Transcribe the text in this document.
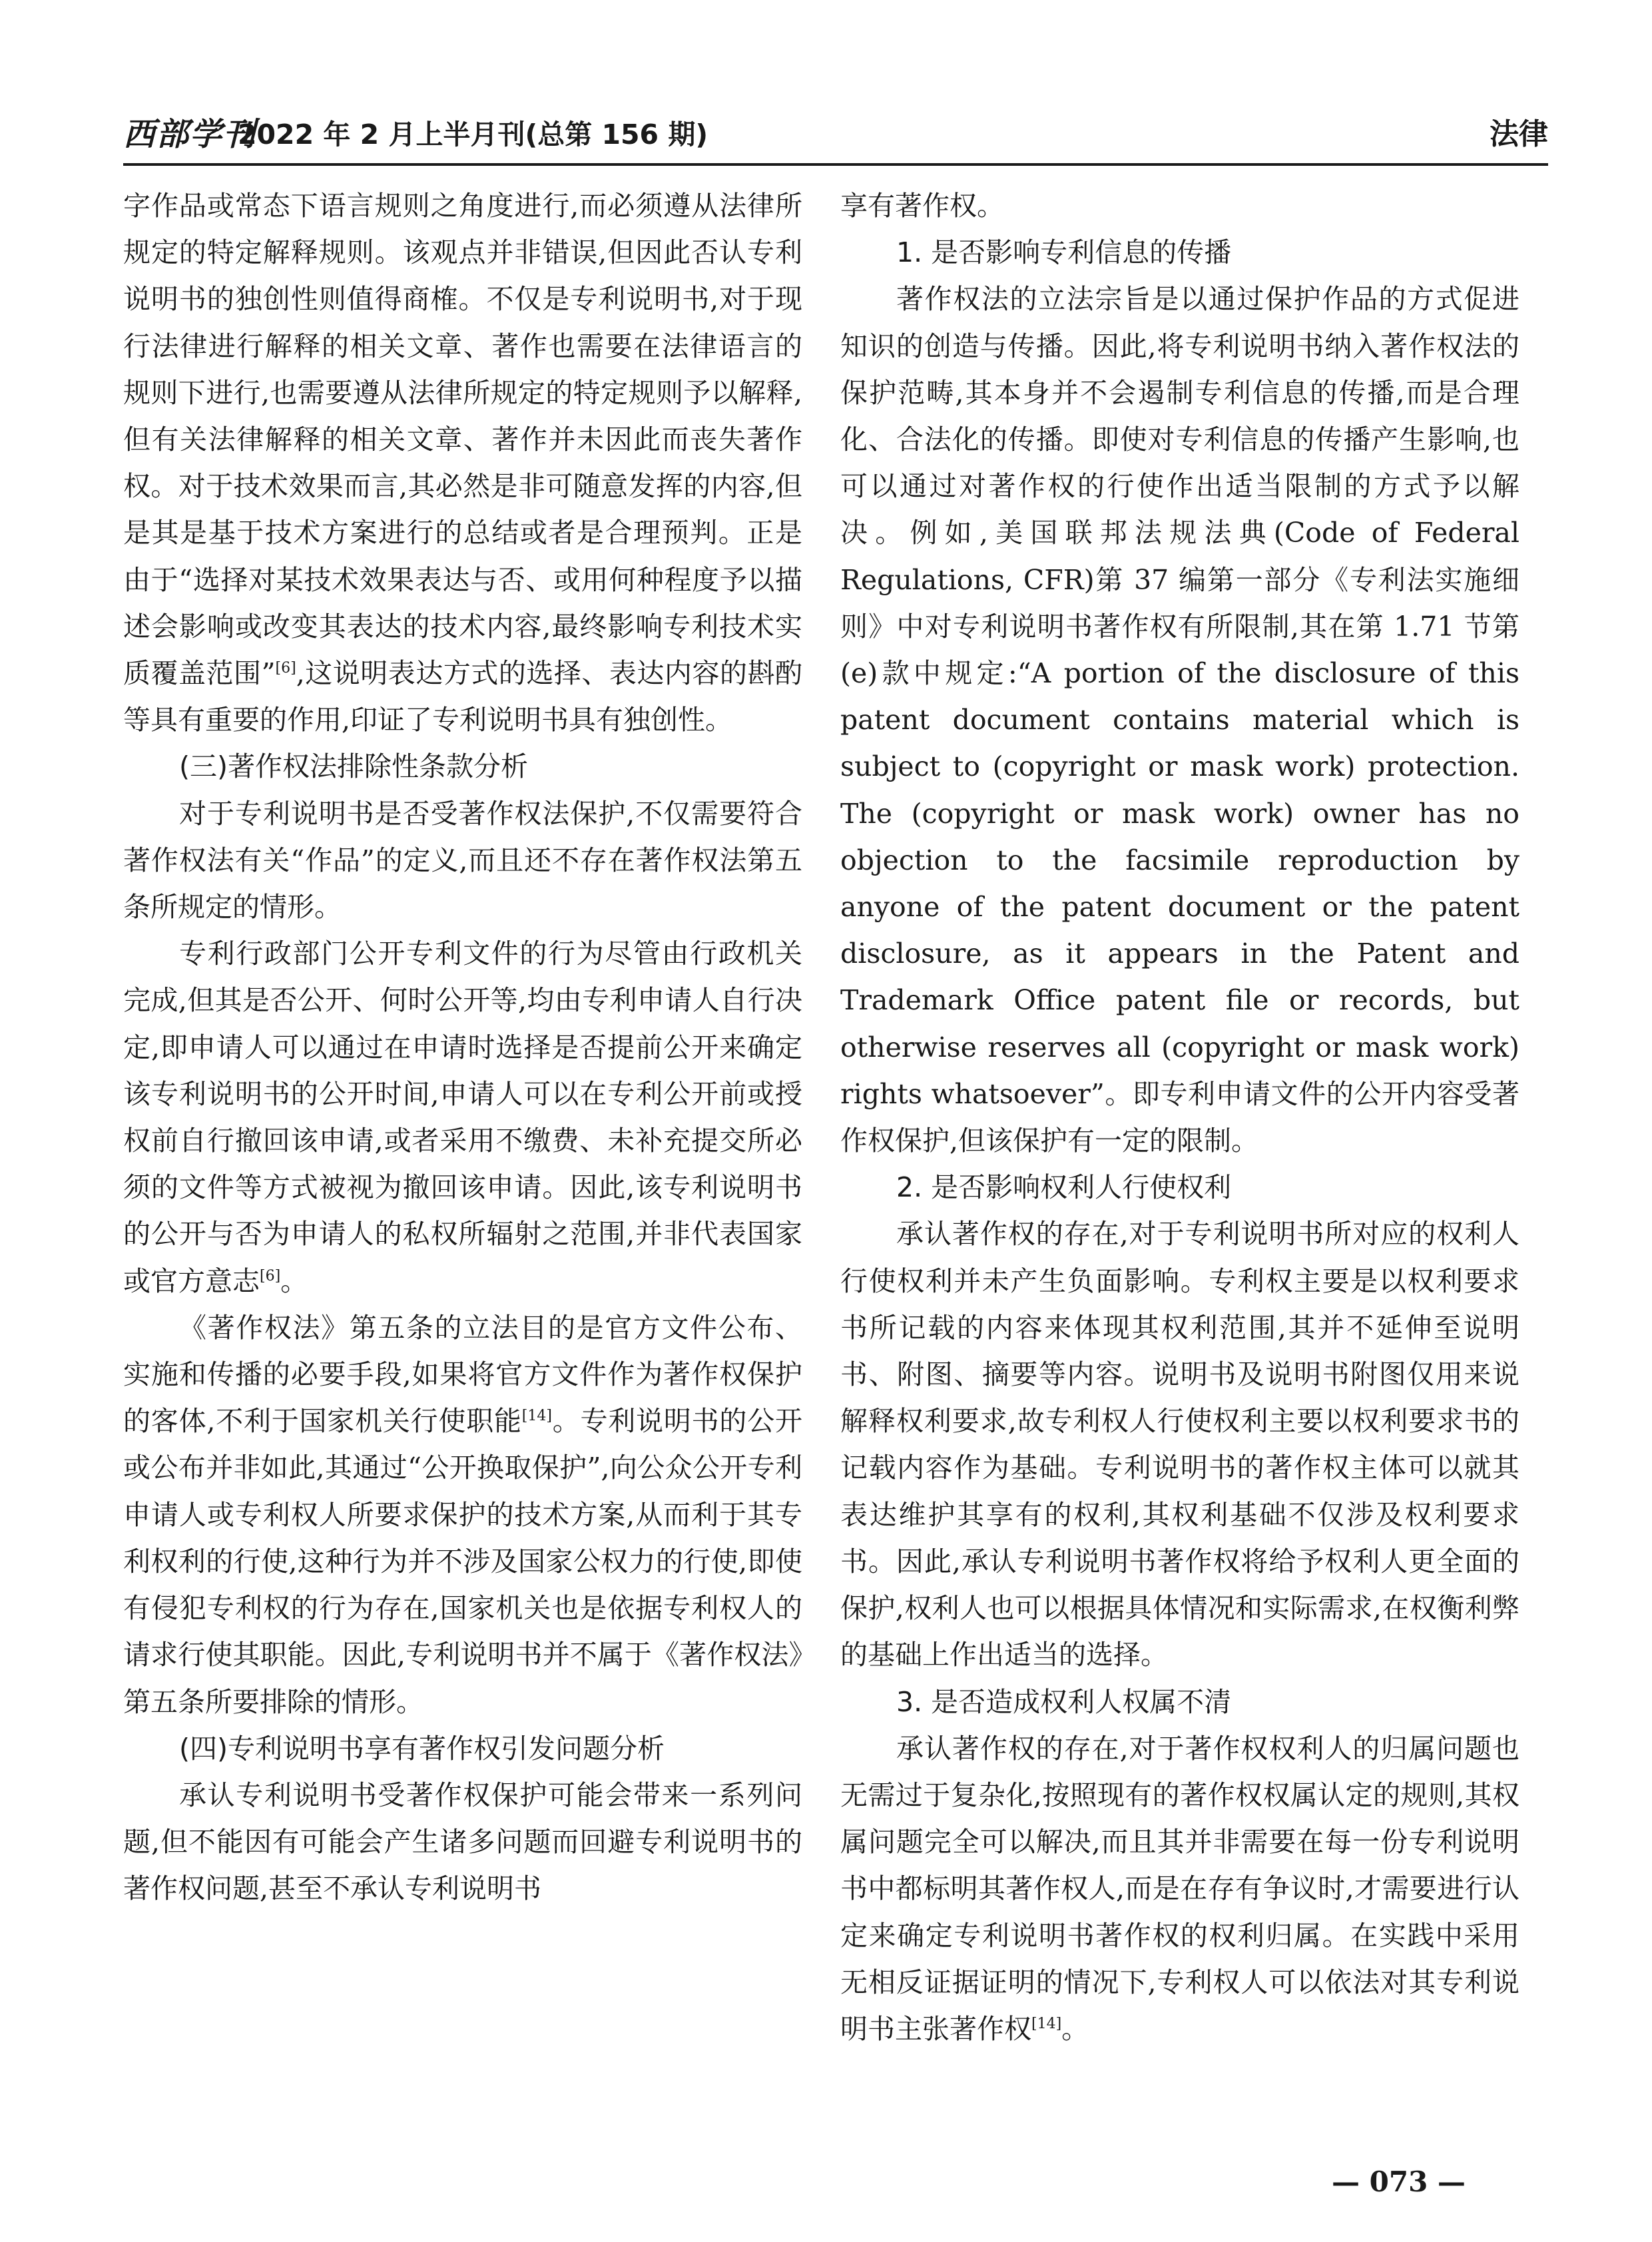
西部学刊
2022 年 2 月上半月刊(总第 156 期)	法律

字作品或常态下语言规则之角度进行,而必须遵从法律所规定的特定解释规则。该观点并非错误,但因此否认专利说明书的独创性则值得商榷。不仅是专利说明书,对于现行法律进行解释的相关文章、著作也需要在法律语言的规则下进行,也需要遵从法律所规定的特定规则予以解释,但有关法律解释的相关文章、著作并未因此而丧失著作权。对于技术效果而言,其必然是非可随意发挥的内容,但是其是基于技术方案进行的总结或者是合理预判。正是由于“选择对某技术效果表达与否、或用何种程度予以描述会影响或改变其表达的技术内容,最终影响专利技术实质覆盖范围”[6],这说明表达方式的选择、表达内容的斟酌等具有重要的作用,印证了专利说明书具有独创性。

(三)著作权法排除性条款分析

对于专利说明书是否受著作权法保护,不仅需要符合著作权法有关“作品”的定义,而且还不存在著作权法第五条所规定的情形。

专利行政部门公开专利文件的行为尽管由行政机关完成,但其是否公开、何时公开等,均由专利申请人自行决定,即申请人可以通过在申请时选择是否提前公开来确定该专利说明书的公开时间,申请人可以在专利公开前或授权前自行撤回该申请,或者采用不缴费、未补充提交所必须的文件等方式被视为撤回该申请。因此,该专利说明书的公开与否为申请人的私权所辐射之范围,并非代表国家或官方意志[6]。

《著作权法》第五条的立法目的是官方文件公布、实施和传播的必要手段,如果将官方文件作为著作权保护的客体,不利于国家机关行使职能[14]。专利说明书的公开或公布并非如此,其通过“公开换取保护”,向公众公开专利申请人或专利权人所要求保护的技术方案,从而利于其专利权利的行使,这种行为并不涉及国家公权力的行使,即使有侵犯专利权的行为存在,国家机关也是依据专利权人的请求行使其职能。因此,专利说明书并不属于《著作权法》第五条所要排除的情形。

(四)专利说明书享有著作权引发问题分析

承认专利说明书受著作权保护可能会带来一系列问题,但不能因有可能会产生诸多问题而回避专利说明书的著作权问题,甚至不承认专利说明书

享有著作权。

1. 是否影响专利信息的传播

著作权法的立法宗旨是以通过保护作品的方式促进知识的创造与传播。因此,将专利说明书纳入著作权法的保护范畴,其本身并不会遏制专利信息的传播,而是合理化、合法化的传播。即使对专利信息的传播产生影响,也可以通过对著作权的行使作出适当限制的方式予以解决。例如,美国联邦法规法典(Code of Federal Regulations, CFR)第 37 编第一部分《专利法实施细则》中对专利说明书著作权有所限制,其在第 1.71 节第(e)款中规定:“A portion of the disclosure of this patent document contains material which is subject to (copyright or mask work) protection. The (copyright or mask work) owner has no objection to the facsimile reproduction by anyone of the patent document or the patent disclosure, as it appears in the Patent and Trademark Office patent file or records, but otherwise reserves all (copyright or mask work) rights whatsoever”。即专利申请文件的公开内容受著作权保护,但该保护有一定的限制。

2. 是否影响权利人行使权利

承认著作权的存在,对于专利说明书所对应的权利人行使权利并未产生负面影响。专利权主要是以权利要求书所记载的内容来体现其权利范围,其并不延伸至说明书、附图、摘要等内容。说明书及说明书附图仅用来说解释权利要求,故专利权人行使权利主要以权利要求书的记载内容作为基础。专利说明书的著作权主体可以就其表达维护其享有的权利,其权利基础不仅涉及权利要求书。因此,承认专利说明书著作权将给予权利人更全面的保护,权利人也可以根据具体情况和实际需求,在权衡利弊的基础上作出适当的选择。

3. 是否造成权利人权属不清

承认著作权的存在,对于著作权权利人的归属问题也无需过于复杂化,按照现有的著作权权属认定的规则,其权属问题完全可以解决,而且其并非需要在每一份专利说明书中都标明其著作权人,而是在存有争议时,才需要进行认定来确定专利说明书著作权的权利归属。在实践中采用无相反证据证明的情况下,专利权人可以依法对其专利说明书主张著作权[14]。

— 073 —
